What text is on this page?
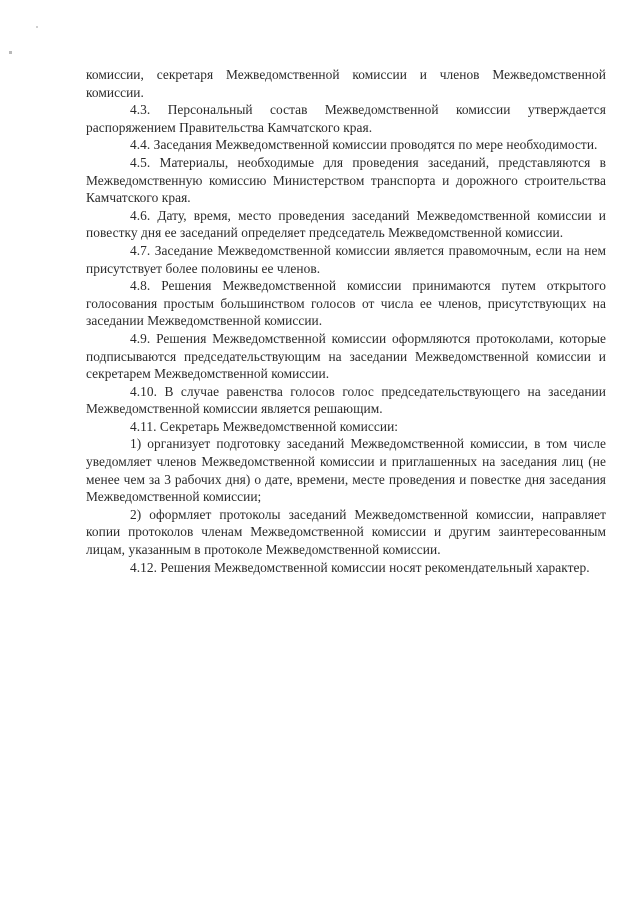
комиссии, секретаря Межведомственной комиссии и членов Межведомственной комиссии.

4.3. Персональный состав Межведомственной комиссии утверждается распоряжением Правительства Камчатского края.

4.4. Заседания Межведомственной комиссии проводятся по мере необходимости.

4.5. Материалы, необходимые для проведения заседаний, представляются в Межведомственную комиссию Министерством транспорта и дорожного строительства Камчатского края.

4.6. Дату, время, место проведения заседаний Межведомственной комиссии и повестку дня ее заседаний определяет председатель Межведомственной комиссии.

4.7. Заседание Межведомственной комиссии является правомочным, если на нем присутствует более половины ее членов.

4.8. Решения Межведомственной комиссии принимаются путем открытого голосования простым большинством голосов от числа ее членов, присутствующих на заседании Межведомственной комиссии.

4.9. Решения Межведомственной комиссии оформляются протоколами, которые подписываются председательствующим на заседании Межведомственной комиссии и секретарем Межведомственной комиссии.

4.10. В случае равенства голосов голос председательствующего на заседании Межведомственной комиссии является решающим.

4.11. Секретарь Межведомственной комиссии:

1) организует подготовку заседаний Межведомственной комиссии, в том числе уведомляет членов Межведомственной комиссии и приглашенных на заседания лиц (не менее чем за 3 рабочих дня) о дате, времени, месте проведения и повестке дня заседания Межведомственной комиссии;

2) оформляет протоколы заседаний Межведомственной комиссии, направляет копии протоколов членам Межведомственной комиссии и другим заинтересованным лицам, указанным в протоколе Межведомственной комиссии.

4.12. Решения Межведомственной комиссии носят рекомендательный характер.
